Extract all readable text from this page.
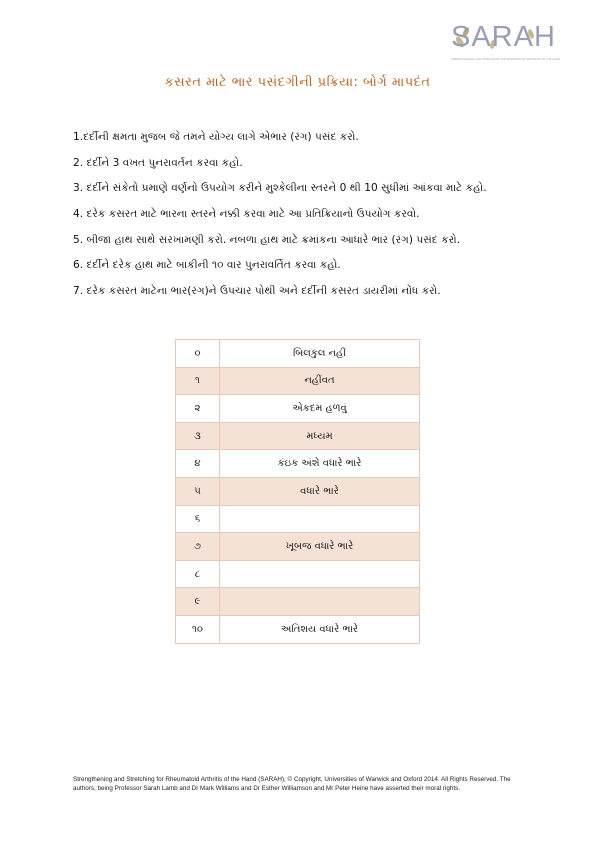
SARAH
STRENGTHENING AND STRETCHING FOR RHEUMATOID ARTHRITIS OF THE HAND
કસરત માટે ભાર પસંદગીની પ્રક્રિયા: બોર્ગ માપદંત
1.દર્દીની ક્ષમતા મુજબ જે તમને યોગ્ય લાગે એભાર (રંગ) પસંદ કરો.
2. દર્દીને 3 વખત પુનરાવર્તન કરવા કહો.
3. દર્દીને સંકેતો પ્રમાણે વર્ણનો ઉપયોગ કરીને મુશ્કેલીના સ્તરને 0 થી 10 સુધીમાં આંકવા માટે કહો.
4. દરેક કસરત માટે ભારના સ્તરને નક્કી કરવા માટે આ પ્રતિક્રિયાનો ઉપયોગ કરવો.
5. બીજા હાથ સાથે સરખામણી કરો. નબળા હાથ માટે ક્રમાંકના આધારે ભાર (રંગ) પસંદ કરો.
6. દર્દીને દરેક હાથ માટે બાકીની ૧૦ વાર પુનરાવર્તિત કરવા કહો.
7. દરેક કસરત માટેના ભાર(રંગ)ને ઉપચાર પોથી અને દર્દીની કસરત ડાયરીમાં નોંધ કરો.
૦	બિલકુલ નહીં
૧	નહીંવત
૨	એકદમ હળવું
૩	મધ્યમ
૪	કંઇક અંશે વધારે ભારે
૫	વધારે ભારે
૬	
૭	ખૂબજ વધારે ભારે
૮	
૯	
૧૦	અતિશય વધારે ભારે
Strengthening and Stretching for Rheumatoid Arthritis of the Hand (SARAH), © Copyright, Universities of Warwick and Oxford 2014. All Rights Reserved. The authors, being Professor Sarah Lamb and Dr Mark Williams and Dr Esther Williamson and Mr Peter Heine have asserted their moral rights.
